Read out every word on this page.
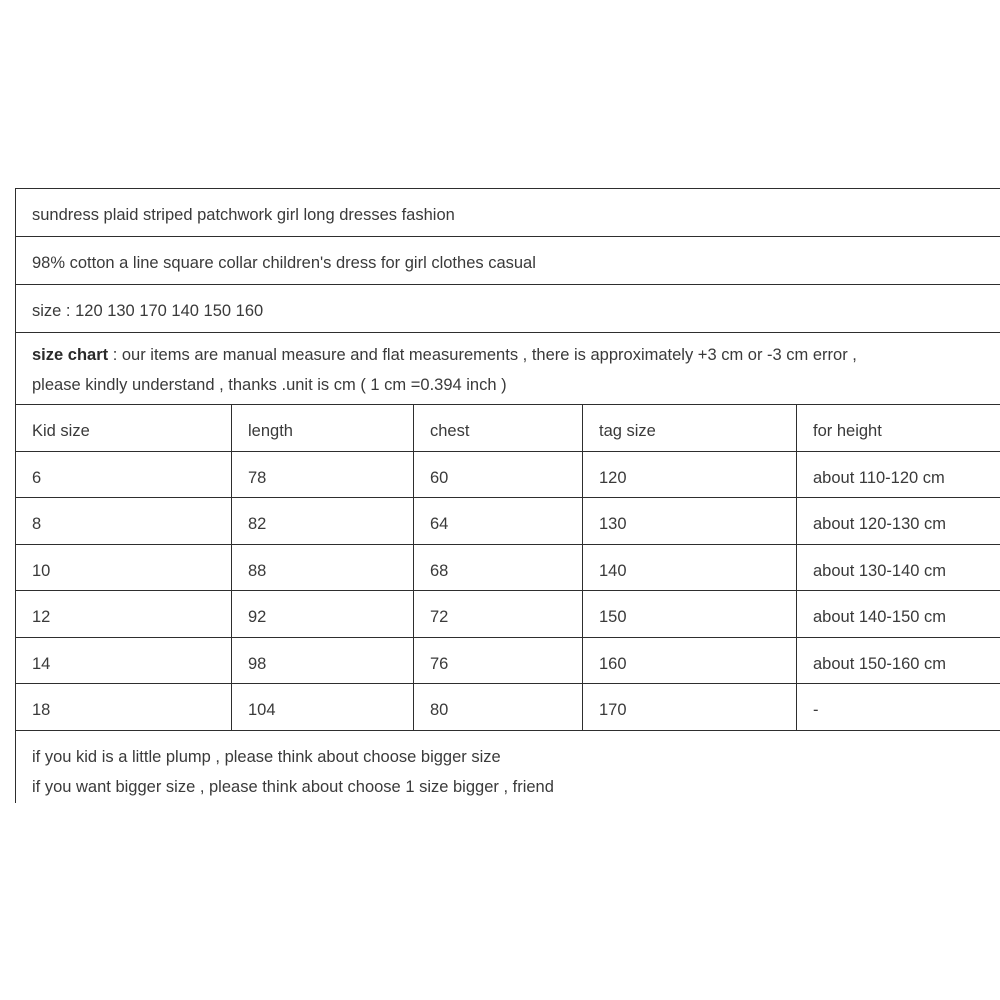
sundress plaid striped patchwork girl long dresses fashion
98% cotton a line square collar children's dress for girl clothes casual
size : 120 130 170 140 150 160
size chart : our items are manual measure and flat measurements , there is approximately +3 cm or -3 cm error ,
please kindly understand , thanks .unit is cm ( 1 cm =0.394 inch )
Kid size	length	chest	tag size	for height
6	78	60	120	about 110-120 cm
8	82	64	130	about 120-130 cm
10	88	68	140	about 130-140 cm
12	92	72	150	about 140-150 cm
14	98	76	160	about 150-160 cm
18	104	80	170	-
if you kid is a little plump , please think about choose bigger size
if you want bigger size , please think about choose 1 size bigger , friend
